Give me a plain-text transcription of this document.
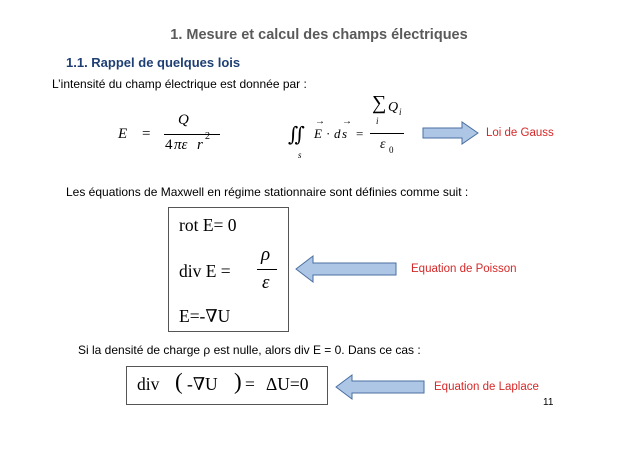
1. Mesure et calcul des champs électriques
1.1. Rappel de quelques lois
L’intensité du champ électrique est donnée par :
E =
Q
4 πε r
2	∬
s
E
→
· d s
→
=
∑
i
Q i
ε 0
Loi de Gauss
Les équations de Maxwell en régime stationnaire sont définies comme suit :
rot E= 0
div E =
ρ
ε
E=-∇U
Equation de Poisson
Si la densité de charge ρ est nulle, alors div E = 0. Dans ce cas :
div ( -∇U ) = ΔU=0	Equation de Laplace
11
